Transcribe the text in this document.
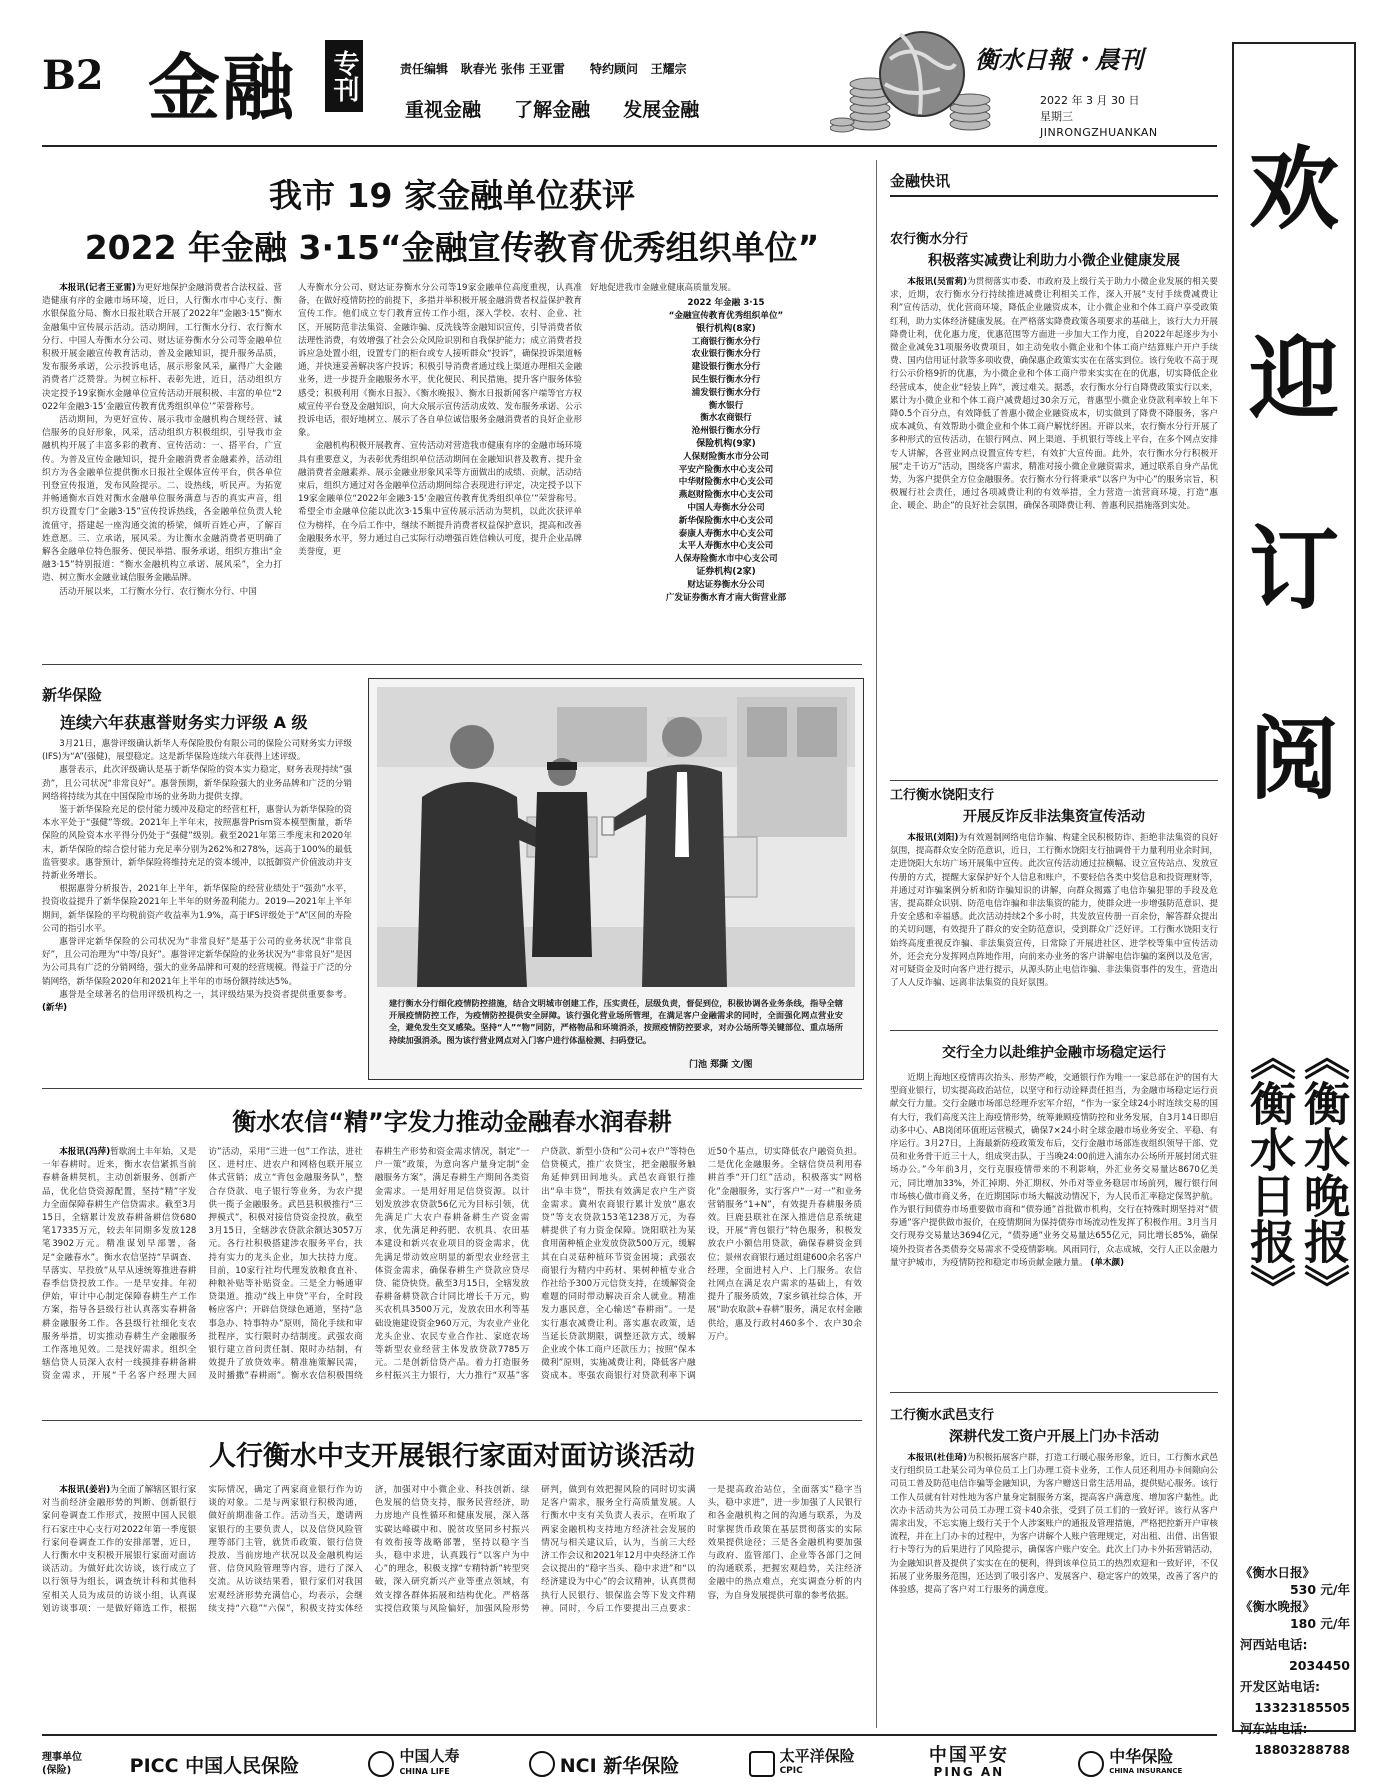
B2 金融 专刊	责任编辑 耿春光 张伟 王亚雷 特约顾问 王耀宗
重视金融 了解金融 发展金融
衡水日報・晨刊
2022 年 3 月 30 日
星期三
JINRONGZHUANKAN
我市 19 家金融单位获评
2022 年金融 3·15“金融宣传教育优秀组织单位”

本报讯(记者王亚雷)为更好地保护金融消费者合法权益、营造健康有序的金融市场环境，近日，人行衡水市中心支行、衡水银保监分局、衡水日报社联合开展了2022年“金融3·15”衡水金融集中宣传展示活动。活动期间，工行衡水分行、农行衡水分行、中国人寿衡水分公司、财达证券衡水分公司等金融单位积极开展金融宣传教育活动，普及金融知识，提升服务品质，发布服务承诺，公示投诉电话，展示形象风采，赢得广大金融消费者广泛赞誉。为树立标杆、表彰先进，近日，活动组织方决定授予19家衡水金融单位宣传活动开展积极、丰富的单位“2022年金融3·15‘金融宣传教育优秀组织单位’”荣誉称号。

活动期间，为更好宣传、展示我市金融机构合规经营、诚信服务的良好形象，风采，活动组织方积极组织，引导我市金融机构开展了丰富多彩的教育、宣传活动：一、搭平台，广宣传。为普及宣传金融知识，提升金融消费者金融素养，活动组织方为各金融单位提供衡水日报社全媒体宣传平台，供各单位刊登宣传报道，发布风险提示。二、设热线，听民声。为拓宽并畅通衡水百姓对衡水金融单位服务满意与否的真实声音，组织方设置专门“金融3·15”宣传投诉热线，各金融单位负责人轮流值守，搭建起一座沟通交流的桥梁，倾听百姓心声，了解百姓意愿。三、立承诺，展风采。为让衡水金融消费者更明确了解各金融单位特色服务、便民举措、服务承诺，组织方推出“金融3·15”特别报道：“衡水金融机构立承诺、展风采”，全力打造、树立衡水金融业诚信服务金融品牌。

活动开展以来，工行衡水分行、农行衡水分行、中国

人寿衡水分公司、财达证券衡水分公司等19家金融单位高度重视，认真准备，在做好疫情防控的前提下，多措并举积极开展金融消费者权益保护教育宣传工作。他们成立专门教育宣传工作小组，深入学校、农村、企业、社区，开展防范非法集资、金融诈骗、反洗钱等金融知识宣传，引导消费者依法理性消费，有效增强了社会公众风险识别和自我保护能力；成立消费者投诉应急处置小组，设置专门的柜台或专人接听群众“投诉”，确保投诉渠道畅通，并快速妥善解决客户投诉；积极引导消费者通过线上渠道办理相关金融业务，进一步提升金融服务水平，优化便民、利民措施，提升客户服务体验感受；积极利用《衡水日报》、《衡水晚报》、衡水日报新闻客户端等官方权威宣传平台登及金融知识，向大众展示宣传活动成效、发布服务承诺、公示投诉电话，很好地树立、展示了各自单位诚信服务金融消费者的良好企业形象。

金融机构积极开展教育、宣传活动对营造我市健康有序的金融市场环境具有重要意义，为表彰优秀组织单位活动期间在金融知识普及教育、提升金融消费者金融素养、展示金融业形象风采等方面做出的成绩、贡献，活动结束后，组织方通过对各金融单位活动期间综合表现进行评定，决定授予以下19家金融单位“2022年金融3·15‘金融宣传教育优秀组织单位’”荣誉称号。希望全市金融单位能以此次3·15集中宣传展示活动为契机，以此次获评单位为榜样，在今后工作中，继续不断提升消费者权益保护意识，提高和改善金融服务水平，努力通过自己实际行动增强百姓信赖认可度，提升企业品牌美誉度，更

好地促进我市金融业健康高质量发展。
2022 年金融 3·15
“金融宣传教育优秀组织单位”
银行机构(8家)
工商银行衡水分行
农业银行衡水分行
建设银行衡水分行
民生银行衡水分行
浦发银行衡水分行
衡水银行
衡水农商银行
沧州银行衡水分行
保险机构(9家)
人保财险衡水市分公司
平安产险衡水中心支公司
中华财险衡水中心支公司
燕赵财险衡水中心支公司
中国人寿衡水分公司
新华保险衡水中心支公司
泰康人寿衡水中心支公司
太平人寿衡水中心支公司
人保寿险衡水市中心支公司
证券机构(2家)
财达证券衡水分公司
广发证券衡水育才南大街营业部
新华保险
连续六年获惠誉财务实力评级 A 级

3月21日，惠誉评级确认新华人寿保险股份有限公司的保险公司财务实力评级(IFS)为“A”(强健)，展望稳定。这是新华保险连续六年获得上述评级。

惠誉表示，此次评级确认是基于新华保险的资本实力稳定，财务表现持续“强劲”，且公司状况“非常良好”。惠誉预期，新华保险强大的业务品牌和广泛的分销网络将持续为其在中国保险市场的业务助力提供支撑。

鉴于新华保险充足的偿付能力缓冲及稳定的经营杠杆，惠誉认为新华保险的资本水平处于“强健”等级。2021年上半年末，按照惠誉Prism资本模型衡量，新华保险的风险资本水平得分仍处于“强健”级别。截至2021年第三季度末和2020年末，新华保险的综合偿付能力充足率分别为262%和278%，远高于100%的最低监管要求。惠誉预计，新华保险将维持充足的资本缓冲，以抵御资产价值波动并支持新业务增长。

根据惠誉分析报告，2021年上半年，新华保险的经营业绩处于“强劲”水平，投资收益提升了新华保险2021年上半年的财务盈利能力。2019—2021年上半年期间，新华保险的平均税前资产收益率为1.9%，高于IFS评级处于“A”区间的寿险公司的指引水平。

惠誉评定新华保险的公司状况为“非常良好”是基于公司的业务状况“非常良好”，且公司治理为“中等/良好”。惠誉评定新华保险的业务状况为“非常良好”是因为公司具有广泛的分销网络，强大的业务品牌和可观的经营规模。得益于广泛的分销网络，新华保险2020年和2021年上半年的市场份额持续达5%。

惠誉是全球著名的信用评级机构之一，其评级结果为投资者提供重要参考。 (新华)

建行衡水分行细化疫情防控措施，结合文明城市创建工作，压实责任，层级负责，督促到位，积极协调各业务条线，指导全辖开展疫情防控工作，为疫情防控提供安全屏障。该行强化营业场所管理，在满足客户金融需求的同时，全面强化网点营业安全，避免发生交叉感染。坚持“人”“物”同防，严格物品和环境消杀，按照疫情防控要求，对办公场所等关键部位、重点场所持续加强消杀。图为该行营业网点对入门客户进行体温检测、扫码登记。
门池 郑撕 文/图
衡水农信“精”字发力推动金融春水润春耕

本报讯(冯萍)暂歇润土丰年始，又是一年春耕时。近来，衡水农信紧抓当前春耕备耕契机，主动创新服务、创新产品，优化信贷资源配置，坚持“精”字发力全面保障春耕生产信贷需求。截至3月15日，全辖累计发放春耕备耕信贷680笔17335万元，较去年同期多发放128笔3902万元。精准谋划早部署，备足“金融春水”。衡水农信坚持“早调查、早落实、早投放”从早从速统筹推进春耕春季信贷投放工作。一是早安排。年初伊始，审计中心制定保障春耕生产工作方案，指导各县级行社认真落实春耕备耕金融服务工作。各县级行社细化支农服务举措，切实推动春耕生产金融服务工作落地见效。二是找好需求。组织全辖信贷人员深入农村一线摸排春耕备耕资金需求，开展“千名客户经理大回访”活动，采用“三进一包”工作法，进社区、进村庄、进农户和网格包联开展立体式营销；成立“背包金融服务队”，整合存贷款、电子银行等业务，为农户提供一揽子金融服务。武邑县积极推行“三押模式”，积极对接信贷资金投放，截至3月15日，全辖涉农贷款余额达3057万元。各行社积极搭建涉农服务平台，扶持有实力的龙头企业，加大扶持力度。目前，10家行社均代理发放粮食直补、种粮补贴等补贴资金。三是全力畅通审贷渠道。推动“线上申贷”平台，全时段畅应客户；开辟信贷绿色通道，坚持“急事急办、特事特办”原则，简化手续和审批程序，实行限时办结制度。武强农商银行建立首问责任制、限时办结制，有效提升了放贷效率。精准施策解民需，及时播撒“春耕雨”。衡水农信积极围绕春耕生产形势和资金需求情况，制定“一户一策”政策，为意向客户量身定制“金融服务方案”，满足春耕生产期间各类资金需求。一是用好用足信贷资源。以计划发放涉农贷款56亿元为目标引领，优先满足广大农户春耕备耕生产资金需求，优先满足种药肥、农机具、农田基本建设和新兴农业项目的资金需求，优先满足带动效应明显的新型农业经营主体资金需求，确保春耕生产贷款应贷尽贷、能贷快贷。截至3月15日，全辖发放春耕备耕贷款合计同比增长千万元，购买农机具3500万元，发放农田水利等基础设施建设资金960万元，为农业产业化龙头企业、农民专业合作社、家庭农场等新型农业经营主体发放贷款7785万元。二是创新信贷产品。着力打造服务乡村振兴主力银行，大力推行“双基”客户贷款、新型小贷和“公司+农户”等特色信贷模式，推广农贷宝，把金融服务触角延伸到田间地头。武邑农商银行推出“阜丰贷”，帮扶有效满足农户生产资金需求。冀州农商银行累计发放“惠农贷”等支农贷款153笔1238万元，为春耕提供了有力资金保障。饶阳联社为某食用菌种植企业发放贷款500万元，缓解其在白灵菇种植环节资金困境；武强农商银行为精内中药材、果树种植专业合作社给予300万元信贷支持，在缓解资金难题的同时带动解决百余人就业。精准发力惠民意，全心输送“春耕雨”。一是实行惠农减费让利。落实惠农政策，适当延长贷款期限，调整还款方式，缓解企业或个体工商户还款压力；按照“保本微利”原则，实施减费让利，降低客户融资成本。枣强农商银行对贷款利率下调近50个基点，切实降低农户融资负担。二是优化金融服务。全辖信贷员利用春耕首季“开门红”活动，积极落实“网格化”金融服务，实行客户“一对一”和业务营销服务“1+N”，有效提升春耕服务质效。巨鹿县联社在深入推进信息系统建设，开展“背包银行”特色服务，积极发放农户小额信用贷款，确保春耕资金到位；景州农商银行通过组建600余名客户经理，全面进村入户、上门服务。农信社网点在满足农户需求的基础上，有效提升了服务质效，7家乡镇社综合体，开展“助农取款+春耕”服务，满足农村金融供给，惠及行政村460多个、农户30余万户。

人行衡水中支开展银行家面对面访谈活动

本报讯(姜岩)为全面了解辖区银行家对当前经济金融形势的判断、创新银行家问卷调查工作形式，按照中国人民银行石家庄中心支行对2022年第一季度银行家问卷调查工作的安排部署，近日，人行衡水中支积极开展银行家面对面访谈活动。为做好此次访谈，该行成立了以行领导为组长，调查统计科和其他科室相关人员为成员的访谈小组，认真谋划访谈事项：一是做好筛选工作，根据实际情况，确定了两家商业银行作为访谈的对象。二是与两家银行积极沟通，做好前期准备工作。活动当天，邀请两家银行的主要负责人，以及信贷风险管理等部门主管，就货币政策、银行信贷投放、当前房地产状况以及金融机构运营、信贷风险管理等内容，进行了深入交流。从访谈结果看，银行家们对我国宏观经济形势充满信心，均表示，会继续支持“六稳”“六保”，积极支持实体经济，加强对中小微企业、科技创新、绿色发展的信贷支持，服务民营经济，助力房地产良性循环和健康发展，深入落实碳达峰碳中和、脱贫攻坚同乡村振兴有效衔接等战略部署，坚持以稳字当头，稳中求进，认真践行“以客户为中心”的理念，积极支撑“专精特新”转型突破，深入研究新兴产业等重点领域，有效支撑各群体拓展和结构优化。严格落实授信政策与风险偏好，加强风险形势研判，做到有效把握风险的同时切实满足客户需求，服务全行高质量发展。人行衡水中支有关负责人表示，在听取了两家金融机构支持地方经济社会发展的情况与相关建议后，认为，当前三大经济工作会议和2021年12月中央经济工作会议提出的“稳字当头、稳中求进”和“以经济建设为中心”的会议精神，认真贯彻执行人民银行、银保监会等下发文件精神。同时，今后工作要提出三点要求：一是提高政治站位，全面落实“稳字当头，稳中求进”，进一步加强了人民银行和各金融机构之间的沟通与联系，为及时掌握货币政策在基层贯彻落实的实际效果提供途径；三是各金融机构要加强与政府、监管部门、企业等各部门之间的沟通联系，把握宏观趋势，关注经济金融中的热点难点，充实调查分析的内容，为自身发展提供可靠的参考依据。

金融快讯
农行衡水分行
积极落实减费让利助力小微企业健康发展

本报讯(吴雷莉)为贯彻落实市委、市政府及上级行关于助力小微企业发展的相关要求，近期，农行衡水分行持续推进减费让利相关工作，深入开展“支付手续费减费让利”宣传活动，优化营商环境，降低企业融资成本，让小微企业和个体工商户享受政策红利，助力实体经济健康发展。在严格落实降费政策各项要求的基础上，该行大力开展降费让利，优化惠力度，优惠范围等方面进一步加大工作力度，自2022年起逐步为小微企业减免31项服务收费项目，如主动免收小微企业和个体工商户结算账户开户手续费、国内信用证付款等多项收费，确保惠企政策实实在在落实到位。该行免收不高于现行公示价格9折的优惠，为小微企业和个体工商户带来实实在在的优惠，切实降低企业经营成本，使企业“轻装上阵”，渡过难关。据悉，农行衡水分行自降费政策实行以来，累计为小微企业和个体工商户减费超过30余万元，普惠型小微企业贷款利率较上年下降0.5个百分点，有效降低了普惠小微企业融资成本，切实做到了降费不降服务，客户成本减负、有效帮助小微企业和个体工商户解忧纾困。开辟以来，农行衡水分行开展了多种形式的宣传活动，在银行网点、网上渠道、手机银行等线上平台，在多个网点安排专人讲解，各营业网点设置宣传专栏，有效扩大宣传面。此外，农行衡水分行积极开展“走千访万”活动，围绕客户需求，精准对接小微企业融资需求，通过联系自身产品优势，为客户提供全方位金融服务。农行衡水分行将秉承“以客户为中心”的服务宗旨，积极履行社会责任，通过各项减费让利的有效举措，全力营造一流营商环境，打造“惠企、暖企、助企”的良好社会氛围，确保各项降费让利、普惠利民措施落到实处。

工行衡水饶阳支行
开展反诈反非法集资宣传活动

本报讯(刘阳)为有效遏制网络电信诈骗、构建全民积极防诈、拒绝非法集资的良好氛围，提高群众安全防范意识，近日，工行衡水饶阳支行抽调骨干力量利用业余时间，走进饶阳大东坊广场开展集中宣传。此次宣传活动通过拉横幅、设立宣传站点、发放宣传册的方式，提醒大家保护好个人信息和账户，不要轻信各类中奖信息和投资理财等，并通过对诈骗案例分析和防诈骗知识的讲解，向群众揭露了电信诈骗犯罪的手段及危害，提高群众识别、防范电信诈骗和非法集资的能力，使群众进一步增强防范意识、提升安全感和幸福感。此次活动持续2个多小时，共发放宣传册一百余份，解答群众提出的关切问题，有效提升了群众的安全防范意识，受到群众广泛好评。工行衡水饶阳支行始终高度重视反诈骗、非法集资宣传，日常除了开展进社区、进学校等集中宣传活动外，还会充分发挥网点阵地作用，向前来办业务的客户讲解电信诈骗的案例以及危害，对可疑资金及时向客户进行提示，从源头防止电信诈骗、非法集资事件的发生，营造出了人人反诈骗、远离非法集资的良好氛围。

交行全力以赴维护金融市场稳定运行

近期上海地区疫情再次抬头、形势严峻，交通银行作为唯一一家总部在沪的国有大型商业银行，切实提高政治站位，以坚守和行动诠释责任担当，为金融市场稳定运行贡献交行力量。交行金融市场部总经理乔宏军介绍，“作为一家全球24小时连续交易的国有大行，我们高度关注上海疫情形势，统筹兼顾疫情防控和业务发展，自3月14日即启动多中心、AB岗闭环值班运营模式，确保7×24小时全球金融市场业务安全、平稳、有序运行。3月27日，上海最新防疫政策发布后，交行金融市场部连夜组织领导干部、党员和业务骨干近三十人，组成突击队，于当晚24:00前进入浦东办公场所开展封闭式驻场办公。”今年前3月，交行克服疫情带来的不利影响，外汇业务交易量达8670亿美元，同比增加33%，外汇掉期、外汇期权、外币对等业务稳居市场前列，履行银行间市场核心做市商义务，在近期国际市场大幅波动情况下，为人民币汇率稳定保驾护航。作为银行间债券市场重要做市商和“债券通”首批做市机构，交行在特殊时期坚持对“债券通”客户提供做市报价，在疫情期间为保持债券市场流动性发挥了积极作用。3月当月交行现券交易量达3694亿元，“债券通”业务交易量达655亿元，同比增长85%，确保境外投资者各类债券交易需求不受疫情影响。风雨同行，众志成城，交行人正以金融力量守护城市，为疫情防控和稳定市场贡献金融力量。 (单木颜)

工行衡水武邑支行
深耕代发工资户开展上门办卡活动

本报讯(杜佳琦)为积极拓展客户群，打造工行暖心服务形象，近日，工行衡水武邑支行组织员工赴某公司为单位员工上门办理工资卡业务，工作人员还利用办卡间隙向公司员工普及防范电信诈骗等金融知识，为客户赠送日常生活用品，提供贴心服务。该行工作人员就有针对性地为客户量身定制服务方案，提高客户满意度、增加客户黏性。此次办卡活动共为公司员工办理工资卡40余张，受到了员工们的一致好评。该行从客户需求出发，不忘实施上级行关于个人涉案账户的通报及管理措施，严格把控新开户审核流程，并在上门办卡的过程中，为客户讲解个人账户管理规定，对出租、出借、出售银行卡等行为的后果进行了风险提示，确保客户账户安全。此次上门办卡外拓营销活动，为金融知识普及提供了实实在在的便利，得到该单位员工的热烈欢迎和一致好评，不仅拓展了业务服务范围，还达到了吸引客户、发展客户、稳定客户的效果，改善了客户的体验感，提高了客户对工行服务的满意度。

欢
迎
订
阅
《衡水日报》 《衡水晚报》
《衡水日报》
530 元/年
《衡水晚报》
180 元/年
河西站电话:
2034450
开发区站电话:
13323185505
河东站电话:
18803288788
理事单位
(保险)	PICC 中国人民保险	中国人寿
CHINA LIFE	NCI 新华保险	太平洋保险
CPIC
中国平安
PING AN
中华保险
CHINA INSURANCE
